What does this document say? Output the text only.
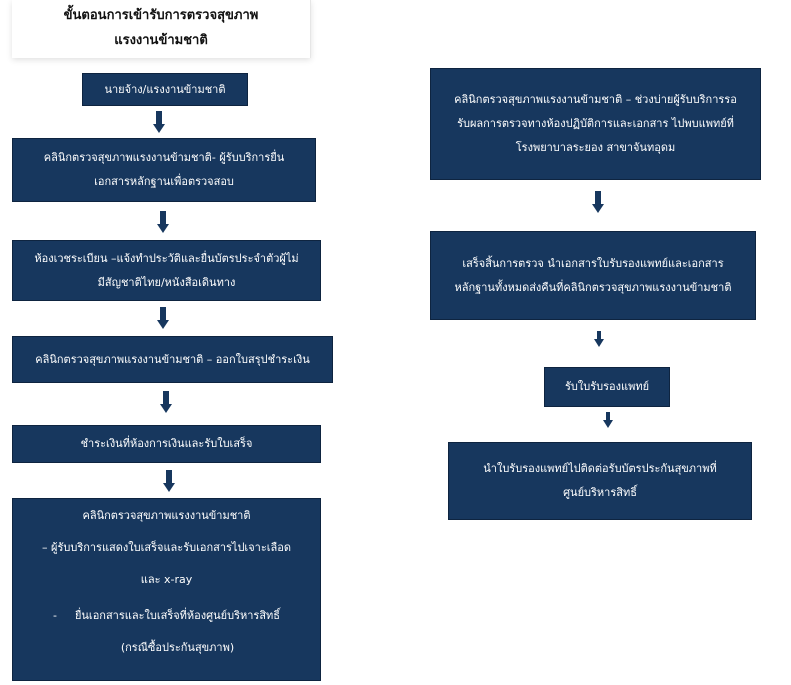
ขั้นตอนการเข้ารับการตรวจสุขภาพ
แรงงานข้ามชาติ
นายจ้าง/แรงงานข้ามชาติ
คลินิกตรวจสุขภาพแรงงานข้ามชาติ- ผู้รับบริการยื่น
เอกสารหลักฐานเพื่อตรวจสอบ
ห้องเวชระเบียน –แจ้งทำประวัติและยื่นบัตรประจำตัวผู้ไม่
มีสัญชาติไทย/หนังสือเดินทาง
คลินิกตรวจสุขภาพแรงงานข้ามชาติ – ออกใบสรุปชำระเงิน
ชำระเงินที่ห้องการเงินและรับใบเสร็จ
คลินิกตรวจสุขภาพแรงงานข้ามชาติ
– ผู้รับบริการแสดงใบเสร็จและรับเอกสารไปเจาะเลือด
และ x-ray
- ยื่นเอกสารและใบเสร็จที่ห้องศูนย์บริหารสิทธิ์
(กรณีซื้อประกันสุขภาพ)
คลินิกตรวจสุขภาพแรงงานข้ามชาติ – ช่วงบ่ายผู้รับบริการรอ
รับผลการตรวจทางห้องปฏิบัติการและเอกสาร ไปพบแพทย์ที่
โรงพยาบาลระยอง สาขาจันทอุดม
เสร็จสิ้นการตรวจ นำเอกสารใบรับรองแพทย์และเอกสาร
หลักฐานทั้งหมดส่งคืนที่คลินิกตรวจสุขภาพแรงงานข้ามชาติ
รับใบรับรองแพทย์
นำใบรับรองแพทย์ไปติดต่อรับบัตรประกันสุขภาพที่
ศูนย์บริหารสิทธิ์
